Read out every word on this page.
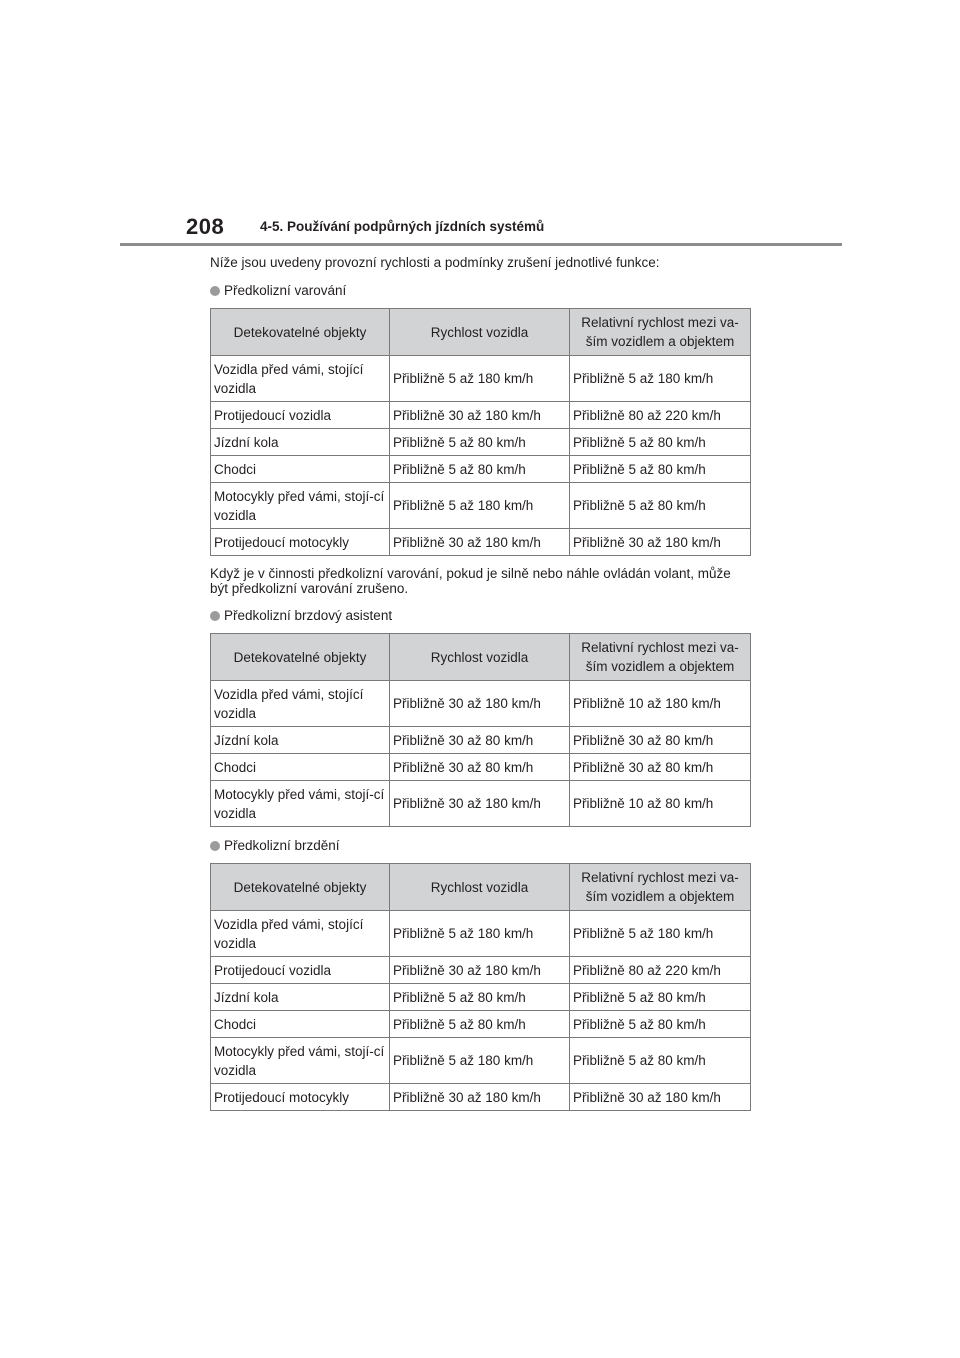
208	4-5. Používání podpůrných jízdních systémů

Níže jsou uvedeny provozní rychlosti a podmínky zrušení jednotlivé funkce:

Předkolizní varování
Detekovatelné objekty	Rychlost vozidla	Relativní rychlost mezi va-ším vozidlem a objektem
Vozidla před vámi, stojící vozidla	Přibližně 5 až 180 km/h	Přibližně 5 až 180 km/h
Protijedoucí vozidla	Přibližně 30 až 180 km/h	Přibližně 80 až 220 km/h
Jízdní kola	Přibližně 5 až 80 km/h	Přibližně 5 až 80 km/h
Chodci	Přibližně 5 až 80 km/h	Přibližně 5 až 80 km/h
Motocykly před vámi, stojí-cí vozidla	Přibližně 5 až 180 km/h	Přibližně 5 až 80 km/h
Protijedoucí motocykly	Přibližně 30 až 180 km/h	Přibližně 30 až 180 km/h

Když je v činnosti předkolizní varování, pokud je silně nebo náhle ovládán volant, může být předkolizní varování zrušeno.

Předkolizní brzdový asistent
Detekovatelné objekty	Rychlost vozidla	Relativní rychlost mezi va-ším vozidlem a objektem
Vozidla před vámi, stojící vozidla	Přibližně 30 až 180 km/h	Přibližně 10 až 180 km/h
Jízdní kola	Přibližně 30 až 80 km/h	Přibližně 30 až 80 km/h
Chodci	Přibližně 30 až 80 km/h	Přibližně 30 až 80 km/h
Motocykly před vámi, stojí-cí vozidla	Přibližně 30 až 180 km/h	Přibližně 10 až 80 km/h
Předkolizní brzdění
Detekovatelné objekty	Rychlost vozidla	Relativní rychlost mezi va-ším vozidlem a objektem
Vozidla před vámi, stojící vozidla	Přibližně 5 až 180 km/h	Přibližně 5 až 180 km/h
Protijedoucí vozidla	Přibližně 30 až 180 km/h	Přibližně 80 až 220 km/h
Jízdní kola	Přibližně 5 až 80 km/h	Přibližně 5 až 80 km/h
Chodci	Přibližně 5 až 80 km/h	Přibližně 5 až 80 km/h
Motocykly před vámi, stojí-cí vozidla	Přibližně 5 až 180 km/h	Přibližně 5 až 80 km/h
Protijedoucí motocykly	Přibližně 30 až 180 km/h	Přibližně 30 až 180 km/h
